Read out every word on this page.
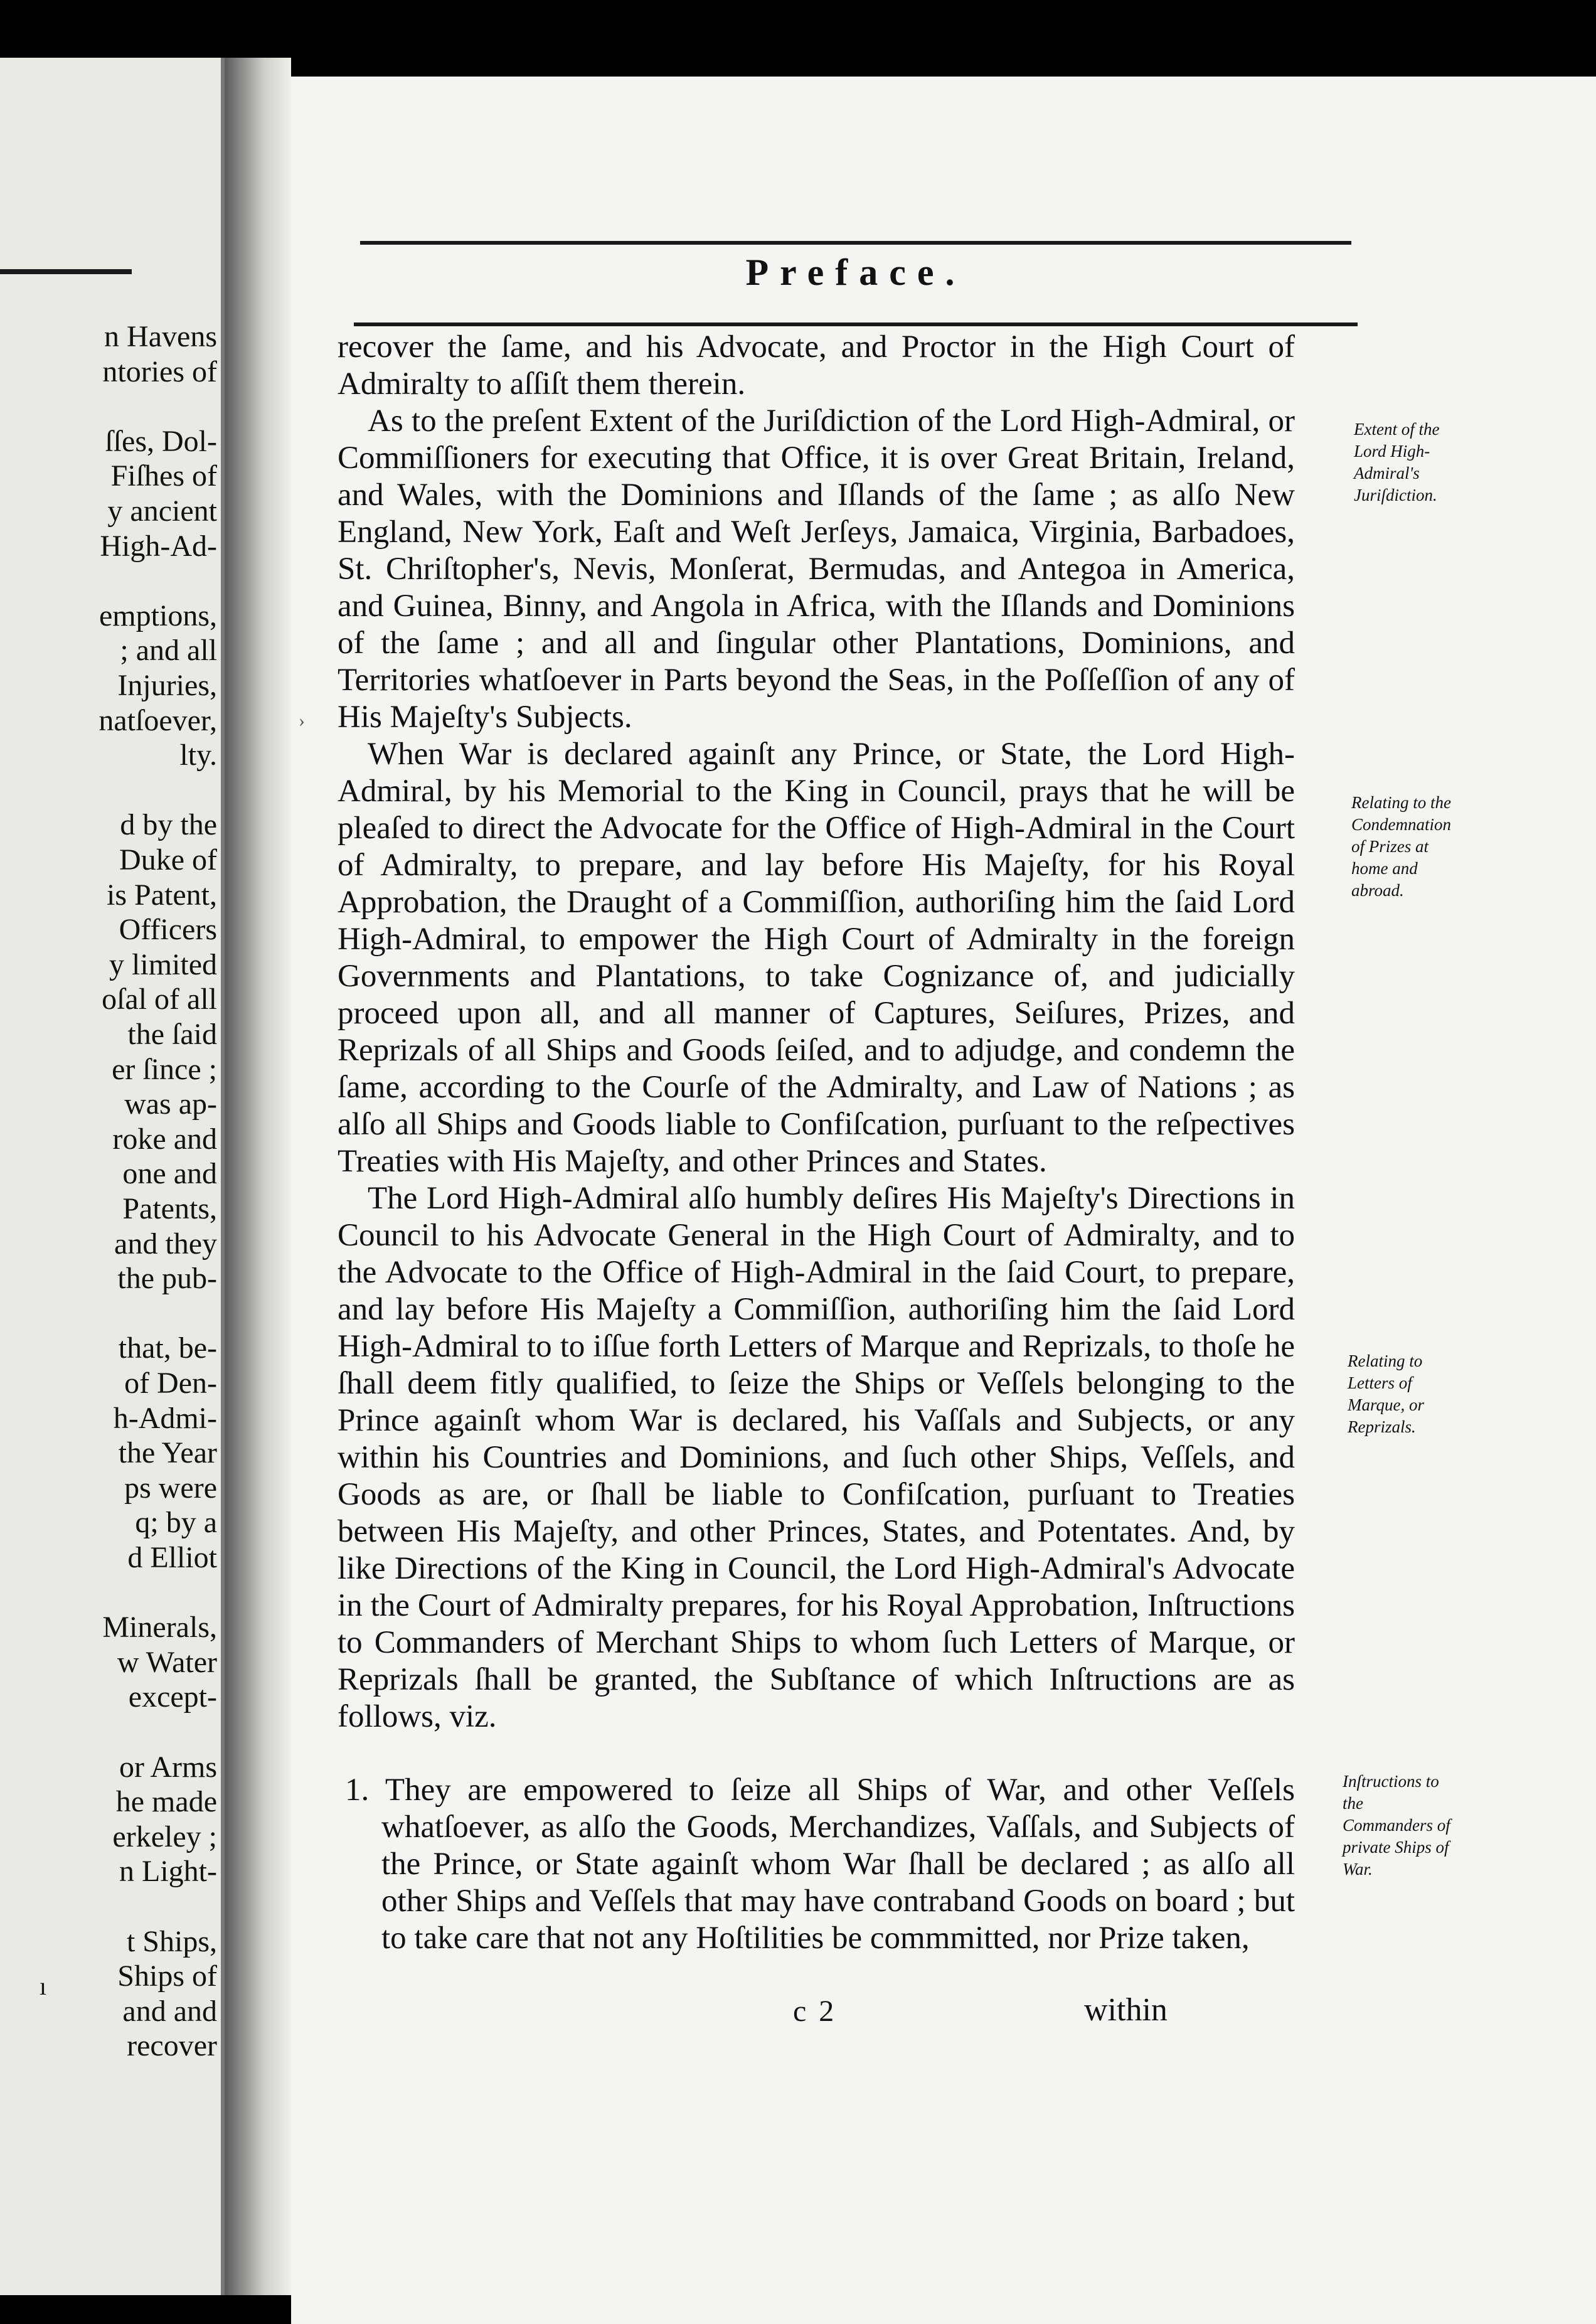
n Havens
ntories of
ſſes, Dol-
Fiſhes of
y ancient
High-Ad-
emptions,
; and all
Injuries,
natſoever,
lty.
d by the
Duke of
is Patent,
Officers
y limited
oſal of all
the ſaid
er ſince ;
was ap-
roke and
one and
Patents,
and they
the pub-
that, be-
of Den-
h-Admi-
the Year
ps were
q; by a
d Elliot
Minerals,
w Water
except-
or Arms
he made
erkeley ;
n Light-
t Ships,
Ships of
and and
recover
ı
›
Preface.

recover the ſame, and his Advocate, and Proctor in the High Court of Admiralty to aſſiſt them therein.

As to the preſent Extent of the Juriſdiction of the Lord High-Admiral, or Commiſſioners for executing that Office, it is over Great Britain, Ireland, and Wales, with the Dominions and Iſlands of the ſame ; as alſo New England, New York, Eaſt and Weſt Jerſeys, Jamaica, Virginia, Barbadoes, St. Chriſtopher's, Nevis, Monſerat, Bermudas, and Antegoa in America, and Guinea, Binny, and Angola in Africa, with the Iſlands and Dominions of the ſame ; and all and ſingular other Plantations, Dominions, and Territories whatſoever in Parts beyond the Seas, in the Poſſeſſion of any of His Majeſty's Subjects.

When War is declared againſt any Prince, or State, the Lord High-Admiral, by his Memorial to the King in Council, prays that he will be pleaſed to direct the Advocate for the Office of High-Admiral in the Court of Admiralty, to prepare, and lay before His Majeſty, for his Royal Approbation, the Draught of a Commiſſion, authoriſing him the ſaid Lord High-Admiral, to empower the High Court of Admiralty in the foreign Governments and Plantations, to take Cognizance of, and judicially proceed upon all, and all manner of Captures, Seiſures, Prizes, and Reprizals of all Ships and Goods ſeiſed, and to adjudge, and condemn the ſame, according to the Courſe of the Admiralty, and Law of Nations ; as alſo all Ships and Goods liable to Confiſcation, purſuant to the reſpectives Treaties with His Majeſty, and other Princes and States.

The Lord High-Admiral alſo humbly deſires His Majeſty's Directions in Council to his Advocate General in the High Court of Admiralty, and to the Advocate to the Office of High-Admiral in the ſaid Court, to prepare, and lay before His Majeſty a Commiſſion, authoriſing him the ſaid Lord High-Admiral to to iſſue forth Letters of Marque and Reprizals, to thoſe he ſhall deem fitly qualified, to ſeize the Ships or Veſſels belonging to the Prince againſt whom War is declared, his Vaſſals and Subjects, or any within his Countries and Dominions, and ſuch other Ships, Veſſels, and Goods as are, or ſhall be liable to Confiſcation, purſuant to Treaties between His Majeſty, and other Princes, States, and Potentates. And, by like Directions of the King in Council, the Lord High-Admiral's Advocate in the Court of Admiralty prepares, for his Royal Approbation, Inſtructions to Commanders of Merchant Ships to whom ſuch Letters of Marque, or Reprizals ſhall be granted, the Subſtance of which Inſtructions are as follows, viz.

1. They are empowered to ſeize all Ships of War, and other Veſſels whatſoever, as alſo the Goods, Merchandizes, Vaſſals, and Subjects of the Prince, or State againſt whom War ſhall be declared ; as alſo all other Ships and Veſſels that may have contraband Goods on board ; but to take care that not any Hoſtilities be commmitted, nor Prize taken,

Extent of the Lord High-Admiral's Juriſdiction.
Relating to the Condemnation of Prizes at home and abroad.
Relating to Letters of Marque, or Reprizals.
Inſtructions to the Commanders of private Ships of War.
c 2	within
